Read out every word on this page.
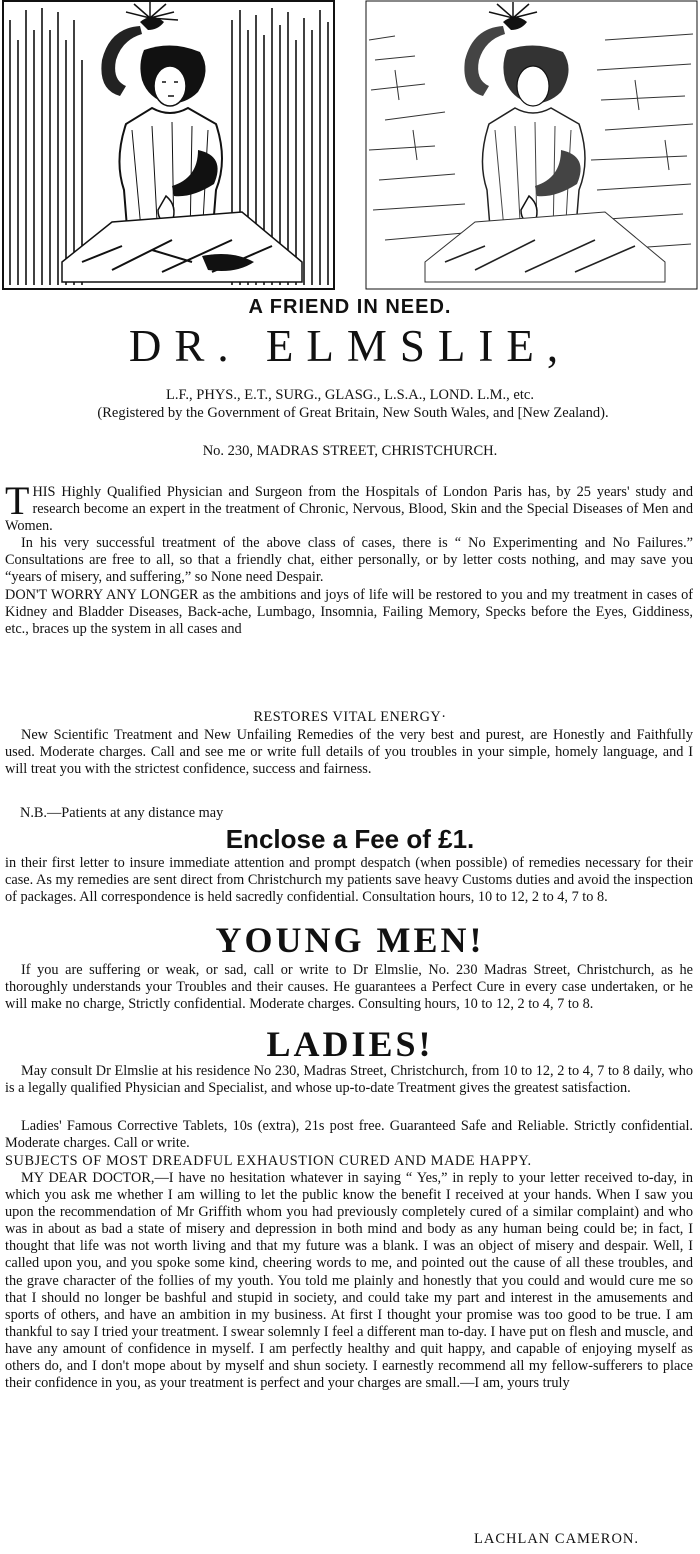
A FRIEND IN NEED.
DR. ELMSLIE,
L.F., PHYS., E.T., SURG., GLASG., L.S.A., LOND. L.M., etc.
(Registered by the Government of Great Britain, New South Wales, and [New Zealand).
No. 230, MADRAS STREET, CHRISTCHURCH.
T HIS Highly Qualified Physician and Surgeon from the Hospitals of London Paris has, by 25 years' study and research become an expert in the treatment of Chronic, Nervous, Blood, Skin and the Special Diseases of Men and Women.
In his very successful treatment of the above class of cases, there is “ No Experimenting and No Failures.” Consultations are free to all, so that a friendly chat, either personally, or by letter costs nothing, and may save you “years of misery, and suffering,” so None need Despair.
DON'T WORRY ANY LONGER as the ambitions and joys of life will be restored to you and my treatment in cases of Kidney and Bladder Diseases, Back-ache, Lumbago, Insomnia, Failing Memory, Specks before the Eyes, Giddiness, etc., braces up the system in all cases and
RESTORES VITAL ENERGY·
New Scientific Treatment and New Unfailing Remedies of the very best and purest, are Honestly and Faithfully used. Moderate charges. Call and see me or write full details of you troubles in your simple, homely language, and I will treat you with the strictest confidence, success and fairness.
N.B.—Patients at any distance may
Enclose a Fee of £1.
in their first letter to insure immediate attention and prompt despatch (when possible) of remedies necessary for their case. As my remedies are sent direct from Christchurch my patients save heavy Customs duties and avoid the inspection of packages. All correspondence is held sacredly confidential. Consultation hours, 10 to 12, 2 to 4, 7 to 8.
YOUNG MEN!
If you are suffering or weak, or sad, call or write to Dr Elmslie, No. 230 Madras Street, Christchurch, as he thoroughly understands your Troubles and their causes. He guarantees a Perfect Cure in every case undertaken, or he will make no charge, Strictly confidential. Moderate charges. Consulting hours, 10 to 12, 2 to 4, 7 to 8.
LADIES!
May consult Dr Elmslie at his residence No 230, Madras Street, Christchurch, from 10 to 12, 2 to 4, 7 to 8 daily, who is a legally qualified Physician and Specialist, and whose up-to-date Treatment gives the greatest satisfaction.
Ladies' Famous Corrective Tablets, 10s (extra), 21s post free. Guaranteed Safe and Reliable. Strictly confidential. Moderate charges. Call or write.
SUBJECTS OF MOST DREADFUL EXHAUSTION CURED AND MADE HAPPY.
MY DEAR DOCTOR,—I have no hesitation whatever in saying “ Yes,” in reply to your letter received to-day, in which you ask me whether I am willing to let the public know the benefit I received at your hands. When I saw you upon the recommendation of Mr Griffith whom you had previously completely cured of a similar complaint) and who was in about as bad a state of misery and depression in both mind and body as any human being could be; in fact, I thought that life was not worth living and that my future was a blank. I was an object of misery and despair. Well, I called upon you, and you spoke some kind, cheering words to me, and pointed out the cause of all these troubles, and the grave character of the follies of my youth. You told me plainly and honestly that you could and would cure me so that I should no longer be bashful and stupid in society, and could take my part and interest in the amusements and sports of others, and have an ambition in my business. At first I thought your promise was too good to be true. I am thankful to say I tried your treatment. I swear solemnly I feel a different man to-day. I have put on flesh and muscle, and have any amount of confidence in myself. I am perfectly healthy and quit happy, and capable of enjoying myself as others do, and I don't mope about by myself and shun society. I earnestly recommend all my fellow-sufferers to place their confidence in you, as your treatment is perfect and your charges are small.—I am, yours truly
LACHLAN CAMERON.
